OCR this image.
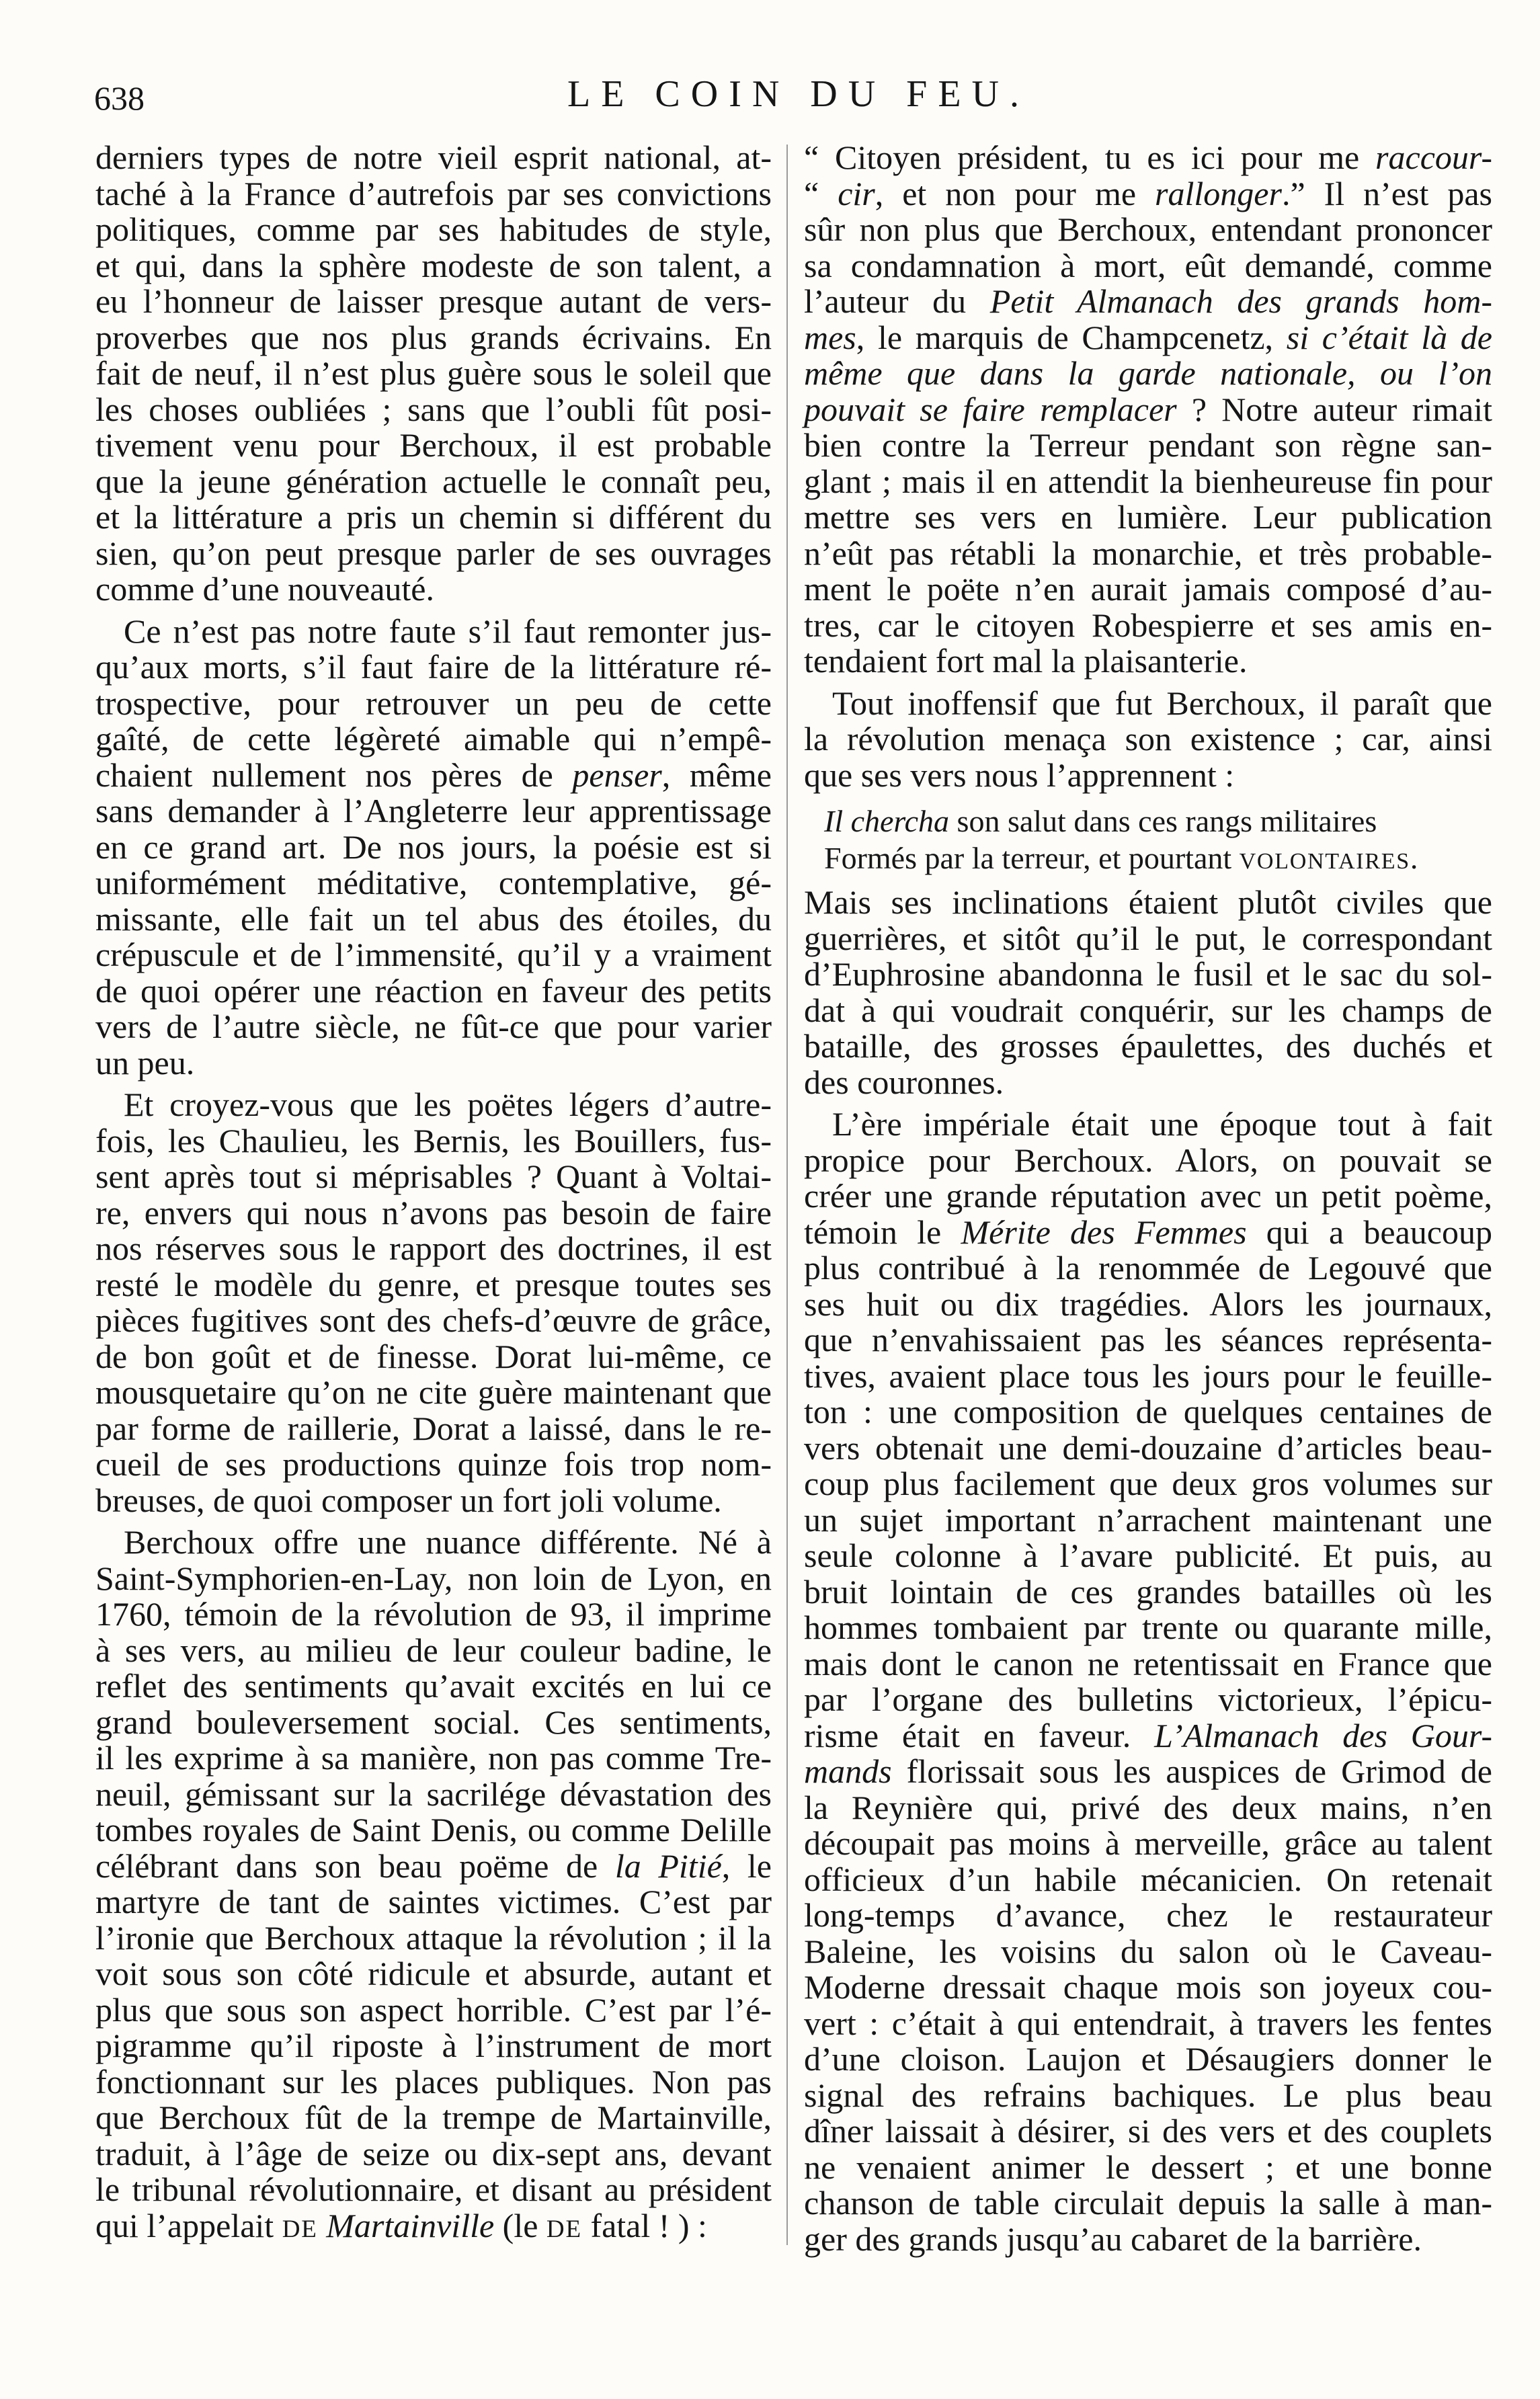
638	LE COIN DU FEU.
derniers types de notre vieil esprit national, at-
taché à la France d’autrefois par ses convictions
politiques, comme par ses habitudes de style,
et qui, dans la sphère modeste de son talent, a
eu l’honneur de laisser presque autant de vers-
proverbes que nos plus grands écrivains. En
fait de neuf, il n’est plus guère sous le soleil que
les choses oubliées ; sans que l’oubli fût posi-
tivement venu pour Berchoux, il est probable
que la jeune génération actuelle le connaît peu,
et la littérature a pris un chemin si différent du
sien, qu’on peut presque parler de ses ouvrages
comme d’une nouveauté.
Ce n’est pas notre faute s’il faut remonter jus-
qu’aux morts, s’il faut faire de la littérature ré-
trospective, pour retrouver un peu de cette
gaîté, de cette légèreté aimable qui n’empê-
chaient nullement nos pères de penser, même
sans demander à l’Angleterre leur apprentissage
en ce grand art. De nos jours, la poésie est si
uniformément méditative, contemplative, gé-
missante, elle fait un tel abus des étoiles, du
crépuscule et de l’immensité, qu’il y a vraiment
de quoi opérer une réaction en faveur des petits
vers de l’autre siècle, ne fût-ce que pour varier
un peu.
Et croyez-vous que les poëtes légers d’autre-
fois, les Chaulieu, les Bernis, les Bouillers, fus-
sent après tout si méprisables ? Quant à Voltai-
re, envers qui nous n’avons pas besoin de faire
nos réserves sous le rapport des doctrines, il est
resté le modèle du genre, et presque toutes ses
pièces fugitives sont des chefs-d’œuvre de grâce,
de bon goût et de finesse. Dorat lui-même, ce
mousquetaire qu’on ne cite guère maintenant que
par forme de raillerie, Dorat a laissé, dans le re-
cueil de ses productions quinze fois trop nom-
breuses, de quoi composer un fort joli volume.
Berchoux offre une nuance différente. Né à
Saint-Symphorien-en-Lay, non loin de Lyon, en
1760, témoin de la révolution de 93, il imprime
à ses vers, au milieu de leur couleur badine, le
reflet des sentiments qu’avait excités en lui ce
grand bouleversement social. Ces sentiments,
il les exprime à sa manière, non pas comme Tre-
neuil, gémissant sur la sacrilége dévastation des
tombes royales de Saint Denis, ou comme Delille
célébrant dans son beau poëme de la Pitié, le
martyre de tant de saintes victimes. C’est par
l’ironie que Berchoux attaque la révolution ; il la
voit sous son côté ridicule et absurde, autant et
plus que sous son aspect horrible. C’est par l’é-
pigramme qu’il riposte à l’instrument de mort
fonctionnant sur les places publiques. Non pas
que Berchoux fût de la trempe de Martainville,
traduit, à l’âge de seize ou dix-sept ans, devant
le tribunal révolutionnaire, et disant au président
qui l’appelait DE Martainville (le DE fatal ! ) :
“ Citoyen président, tu es ici pour me raccour-
“ cir, et non pour me rallonger.” Il n’est pas
sûr non plus que Berchoux, entendant prononcer
sa condamnation à mort, eût demandé, comme
l’auteur du Petit Almanach des grands hom-
mes, le marquis de Champcenetz, si c’était là de
même que dans la garde nationale, ou l’on
pouvait se faire remplacer ? Notre auteur rimait
bien contre la Terreur pendant son règne san-
glant ; mais il en attendit la bienheureuse fin pour
mettre ses vers en lumière. Leur publication
n’eût pas rétabli la monarchie, et très probable-
ment le poëte n’en aurait jamais composé d’au-
tres, car le citoyen Robespierre et ses amis en-
tendaient fort mal la plaisanterie.
Tout inoffensif que fut Berchoux, il paraît que
la révolution menaça son existence ; car, ainsi
que ses vers nous l’apprennent :
Il chercha son salut dans ces rangs militaires
Formés par la terreur, et pourtant VOLONTAIRES.
Mais ses inclinations étaient plutôt civiles que
guerrières, et sitôt qu’il le put, le correspondant
d’Euphrosine abandonna le fusil et le sac du sol-
dat à qui voudrait conquérir, sur les champs de
bataille, des grosses épaulettes, des duchés et
des couronnes.
L’ère impériale était une époque tout à fait
propice pour Berchoux. Alors, on pouvait se
créer une grande réputation avec un petit poème,
témoin le Mérite des Femmes qui a beaucoup
plus contribué à la renommée de Legouvé que
ses huit ou dix tragédies. Alors les journaux,
que n’envahissaient pas les séances représenta-
tives, avaient place tous les jours pour le feuille-
ton : une composition de quelques centaines de
vers obtenait une demi-douzaine d’articles beau-
coup plus facilement que deux gros volumes sur
un sujet important n’arrachent maintenant une
seule colonne à l’avare publicité. Et puis, au
bruit lointain de ces grandes batailles où les
hommes tombaient par trente ou quarante mille,
mais dont le canon ne retentissait en France que
par l’organe des bulletins victorieux, l’épicu-
risme était en faveur. L’Almanach des Gour-
mands florissait sous les auspices de Grimod de
la Reynière qui, privé des deux mains, n’en
découpait pas moins à merveille, grâce au talent
officieux d’un habile mécanicien. On retenait
long-temps d’avance, chez le restaurateur
Baleine, les voisins du salon où le Caveau-
Moderne dressait chaque mois son joyeux cou-
vert : c’était à qui entendrait, à travers les fentes
d’une cloison. Laujon et Désaugiers donner le
signal des refrains bachiques. Le plus beau
dîner laissait à désirer, si des vers et des couplets
ne venaient animer le dessert ; et une bonne
chanson de table circulait depuis la salle à man-
ger des grands jusqu’au cabaret de la barrière.
